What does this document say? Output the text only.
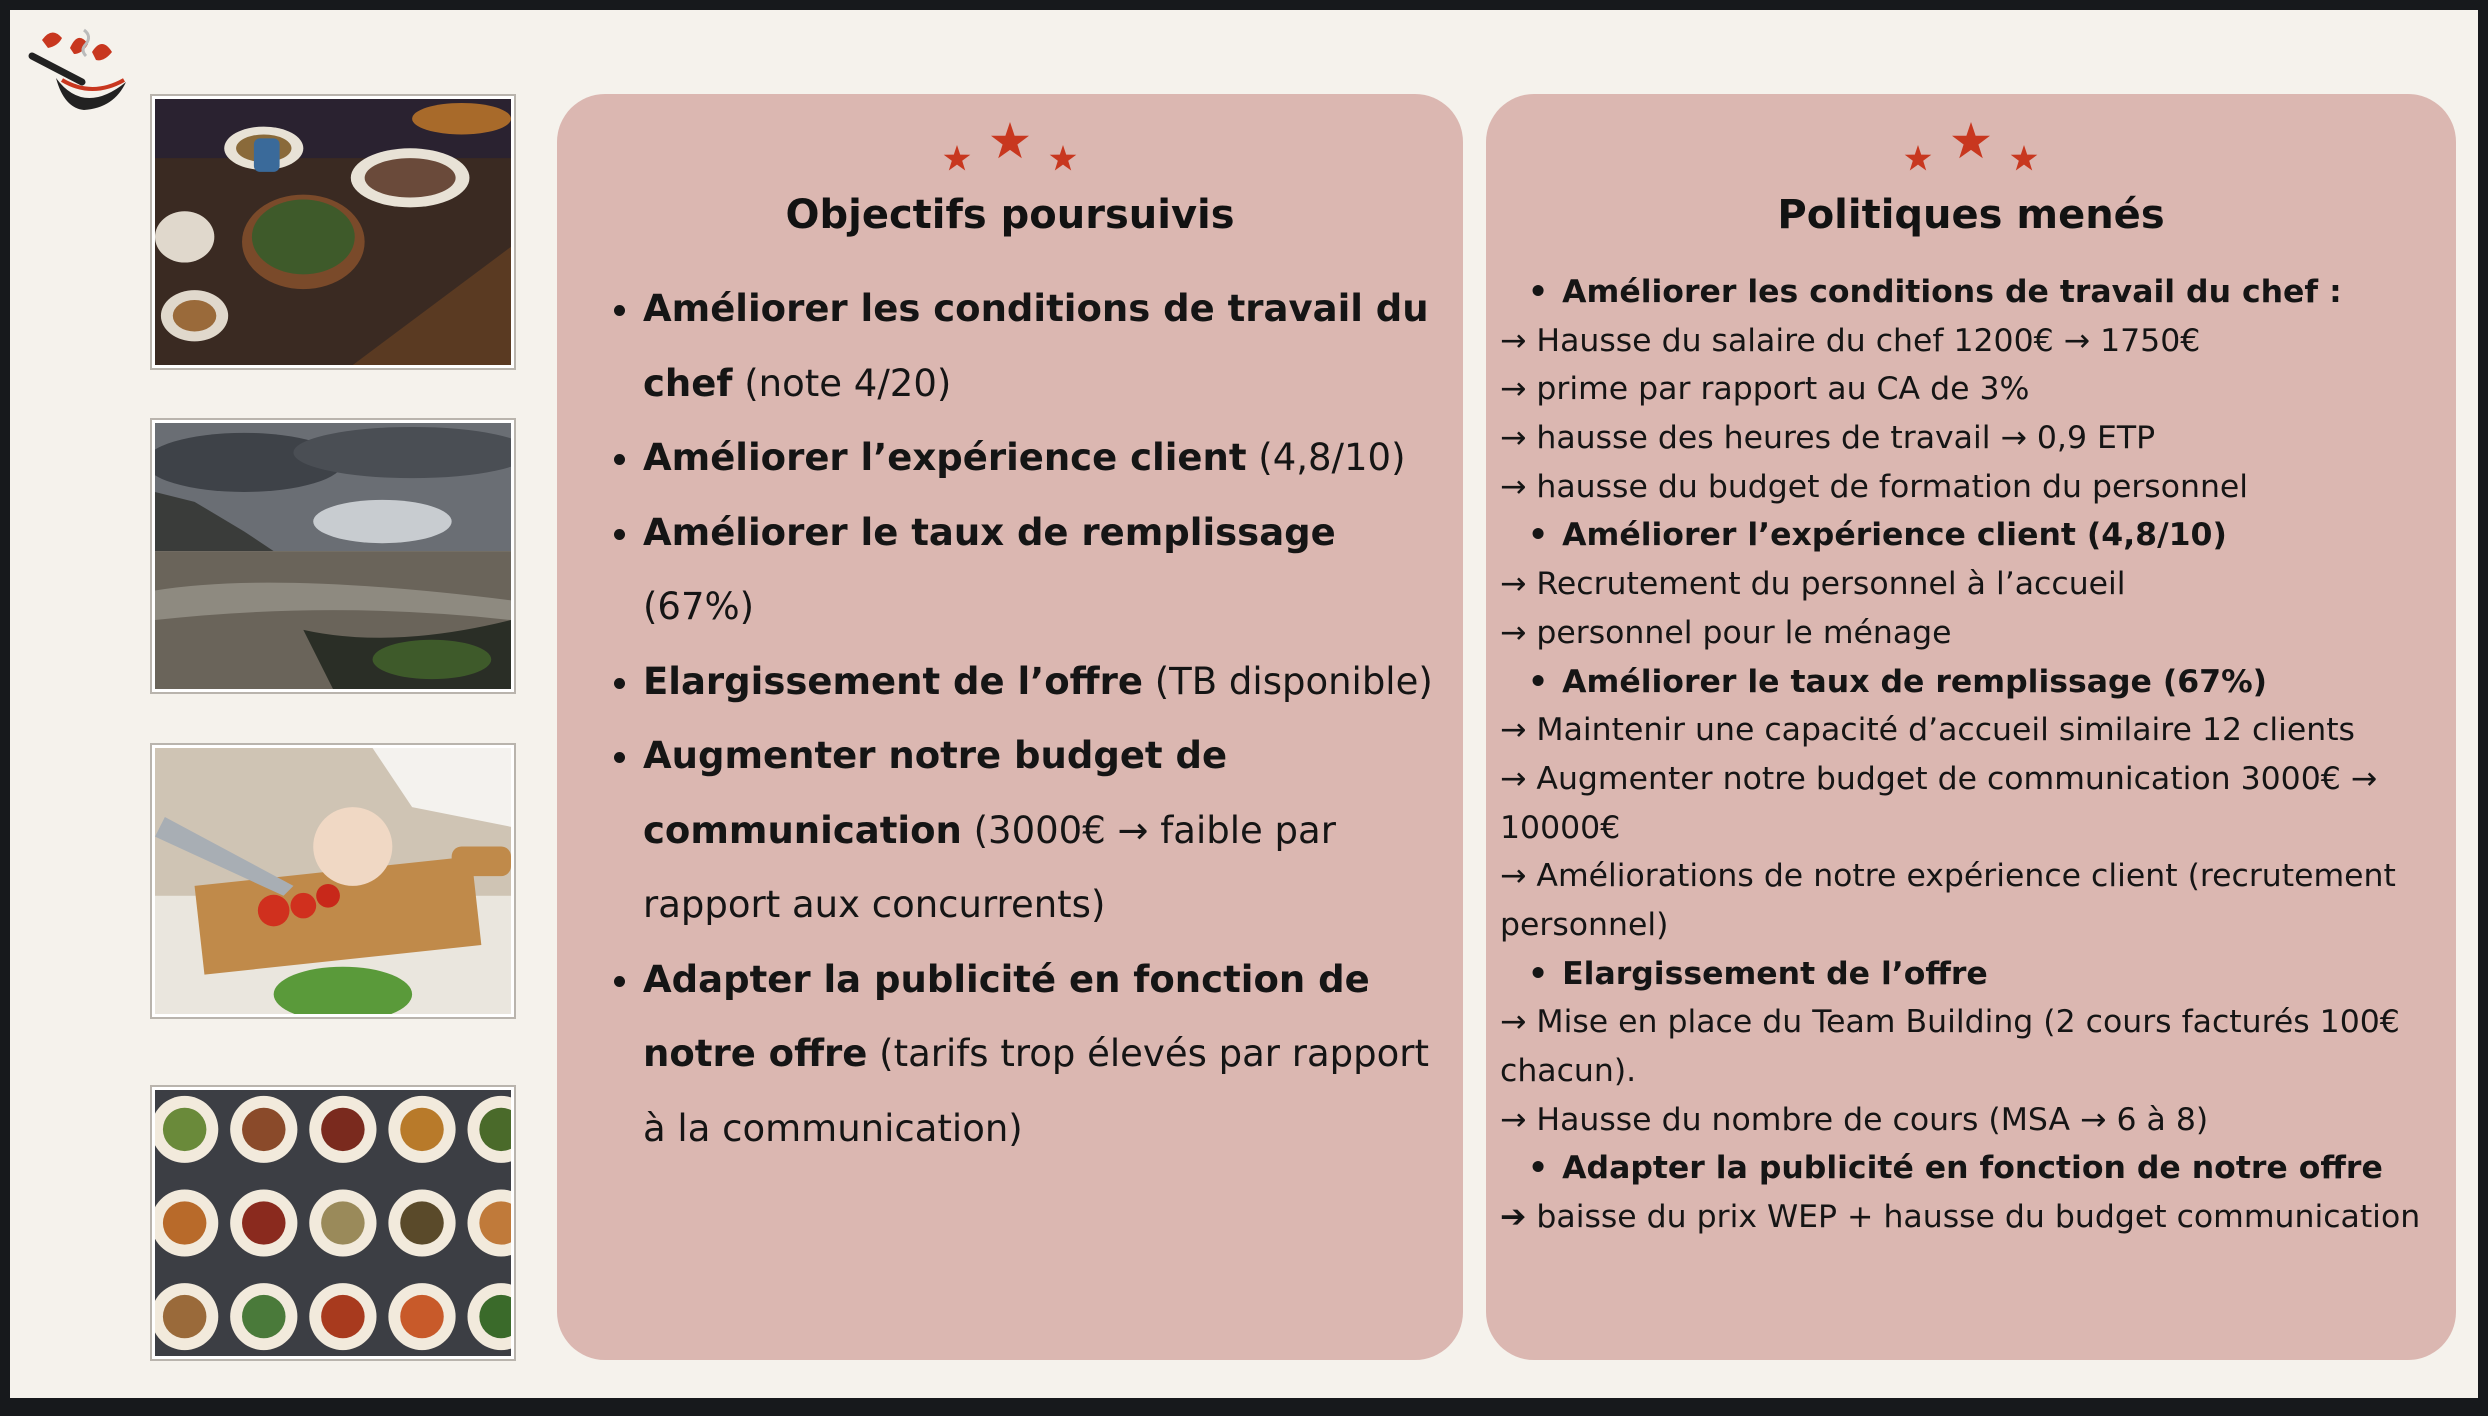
Objectifs poursuivis
• Améliorer les conditions de travail du chef (note 4/20)
• Améliorer l’expérience client (4,8/10)
• Améliorer le taux de remplissage (67%)
• Elargissement de l’offre (TB disponible)
• Augmenter notre budget de communication (3000€ → faible par rapport aux concurrents)
• Adapter la publicité en fonction de notre offre (tarifs trop élevés par rapport à la communication)
Politiques menés
• Améliorer les conditions de travail du chef :
→ Hausse du salaire du chef 1200€ → 1750€
→ prime par rapport au CA de 3%
→ hausse des heures de travail → 0,9 ETP
→ hausse du budget de formation du personnel
• Améliorer l’expérience client (4,8/10)
→ Recrutement du personnel à l’accueil
→ personnel pour le ménage
• Améliorer le taux de remplissage (67%)
→ Maintenir une capacité d’accueil similaire 12 clients
→ Augmenter notre budget de communication 3000€ →
10000€
→ Améliorations de notre expérience client (recrutement
personnel)
• Elargissement de l’offre
→ Mise en place du Team Building (2 cours facturés 100€
chacun).
→ Hausse du nombre de cours (MSA → 6 à 8)
• Adapter la publicité en fonction de notre offre
➔ baisse du prix WEP + hausse du budget communication
